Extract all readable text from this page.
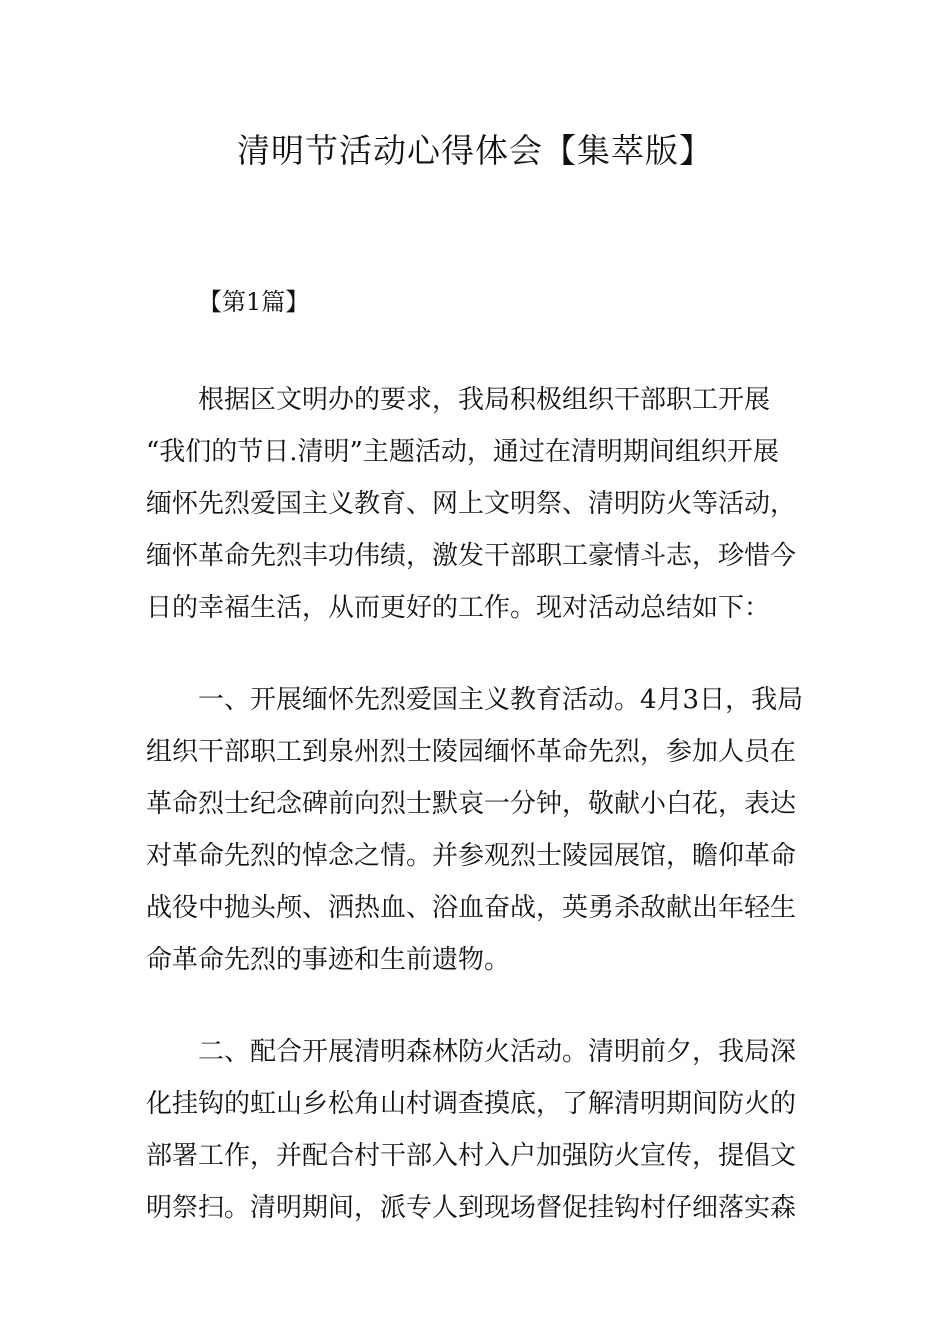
清明节活动心得体会【集萃版】

【第1篇】

根据区文明办的要求，我局积极组织干部职工开展
“我们的节日.清明”主题活动，通过在清明期间组织开展
缅怀先烈爱国主义教育、网上文明祭、清明防火等活动，
缅怀革命先烈丰功伟绩，激发干部职工豪情斗志，珍惜今
日的幸福生活，从而更好的工作。现对活动总结如下：
一、开展缅怀先烈爱国主义教育活动。4月3日，我局
组织干部职工到泉州烈士陵园缅怀革命先烈，参加人员在
革命烈士纪念碑前向烈士默哀一分钟，敬献小白花，表达
对革命先烈的悼念之情。并参观烈士陵园展馆，瞻仰革命
战役中抛头颅、洒热血、浴血奋战，英勇杀敌献出年轻生
命革命先烈的事迹和生前遗物。
二、配合开展清明森林防火活动。清明前夕，我局深
化挂钩的虹山乡松角山村调查摸底，了解清明期间防火的
部署工作，并配合村干部入村入户加强防火宣传，提倡文
明祭扫。清明期间，派专人到现场督促挂钩村仔细落实森
